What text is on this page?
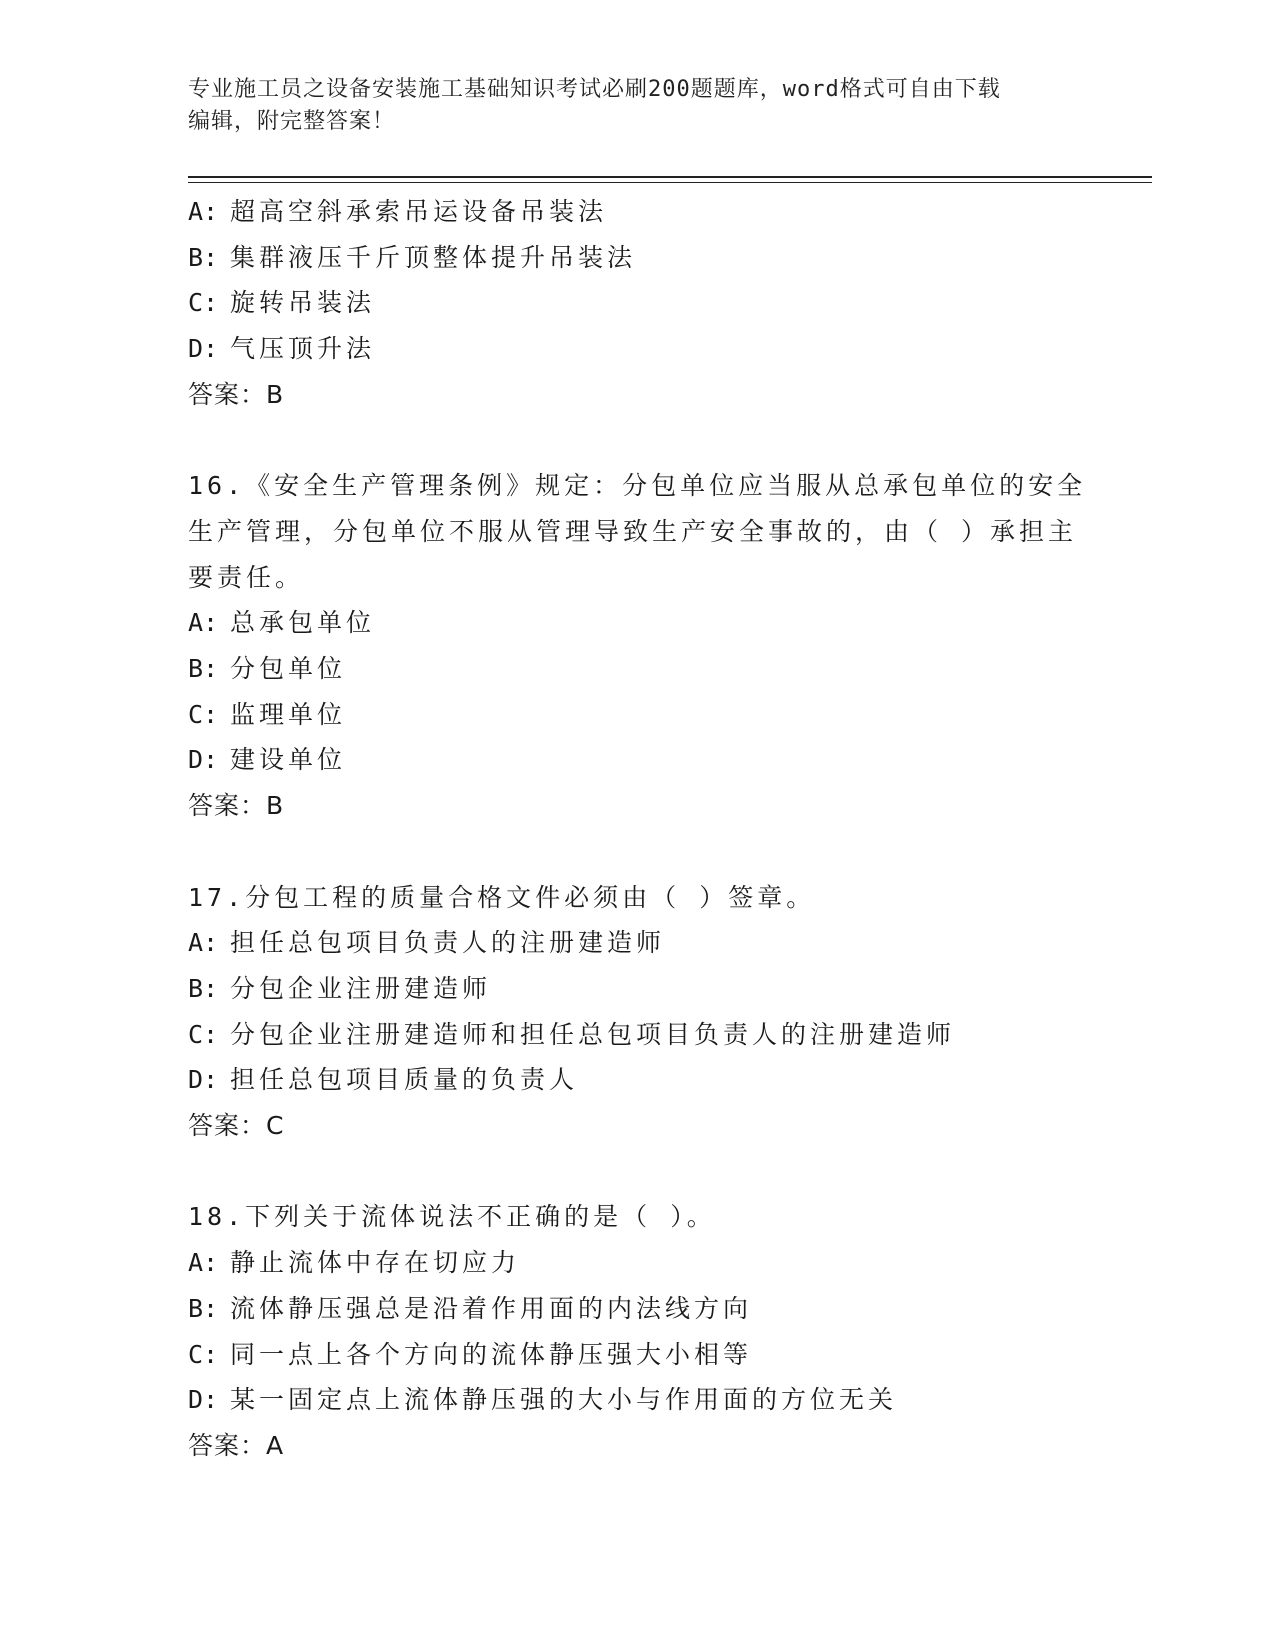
专业施工员之设备安装施工基础知识考试必刷200题题库，word格式可自由下载
编辑，附完整答案！
A: 超高空斜承索吊运设备吊装法
B: 集群液压千斤顶整体提升吊装法
C: 旋转吊装法
D: 气压顶升法
答案：B
16.《安全生产管理条例》规定：分包单位应当服从总承包单位的安全
生产管理，分包单位不服从管理导致生产安全事故的，由（ ）承担主
要责任。
A: 总承包单位
B: 分包单位
C: 监理单位
D: 建设单位
答案：B
17.分包工程的质量合格文件必须由（ ）签章。
A: 担任总包项目负责人的注册建造师
B: 分包企业注册建造师
C: 分包企业注册建造师和担任总包项目负责人的注册建造师
D: 担任总包项目质量的负责人
答案：C
18.下列关于流体说法不正确的是（ ）。
A: 静止流体中存在切应力
B: 流体静压强总是沿着作用面的内法线方向
C: 同一点上各个方向的流体静压强大小相等
D: 某一固定点上流体静压强的大小与作用面的方位无关
答案：A
